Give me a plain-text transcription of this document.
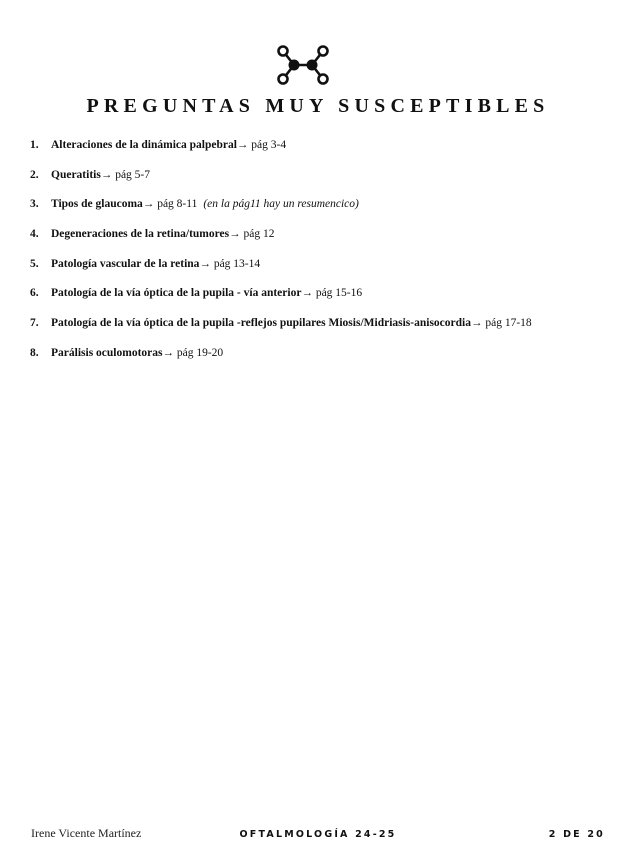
PREGUNTAS MUY SUSCEPTIBLES
1.	Alteraciones de la dinámica palpebral → pág 3-4
2.	Queratitis → pág 5-7
3.	Tipos de glaucoma → pág 8-11 (en la pág11 hay un resumencico)
4.	Degeneraciones de la retina/tumores → pág 12
5.	Patología vascular de la retina → pág 13-14
6.	Patología de la vía óptica de la pupila - vía anterior → pág 15-16
7.	Patología de la vía óptica de la pupila -reflejos pupilares Miosis/Midriasis-anisocordia → pág 17-18
8.	Parálisis oculomotoras → pág 19-20
Irene Vicente Martínez	OFTALMOLOGÍA 24-25	2 DE 20
